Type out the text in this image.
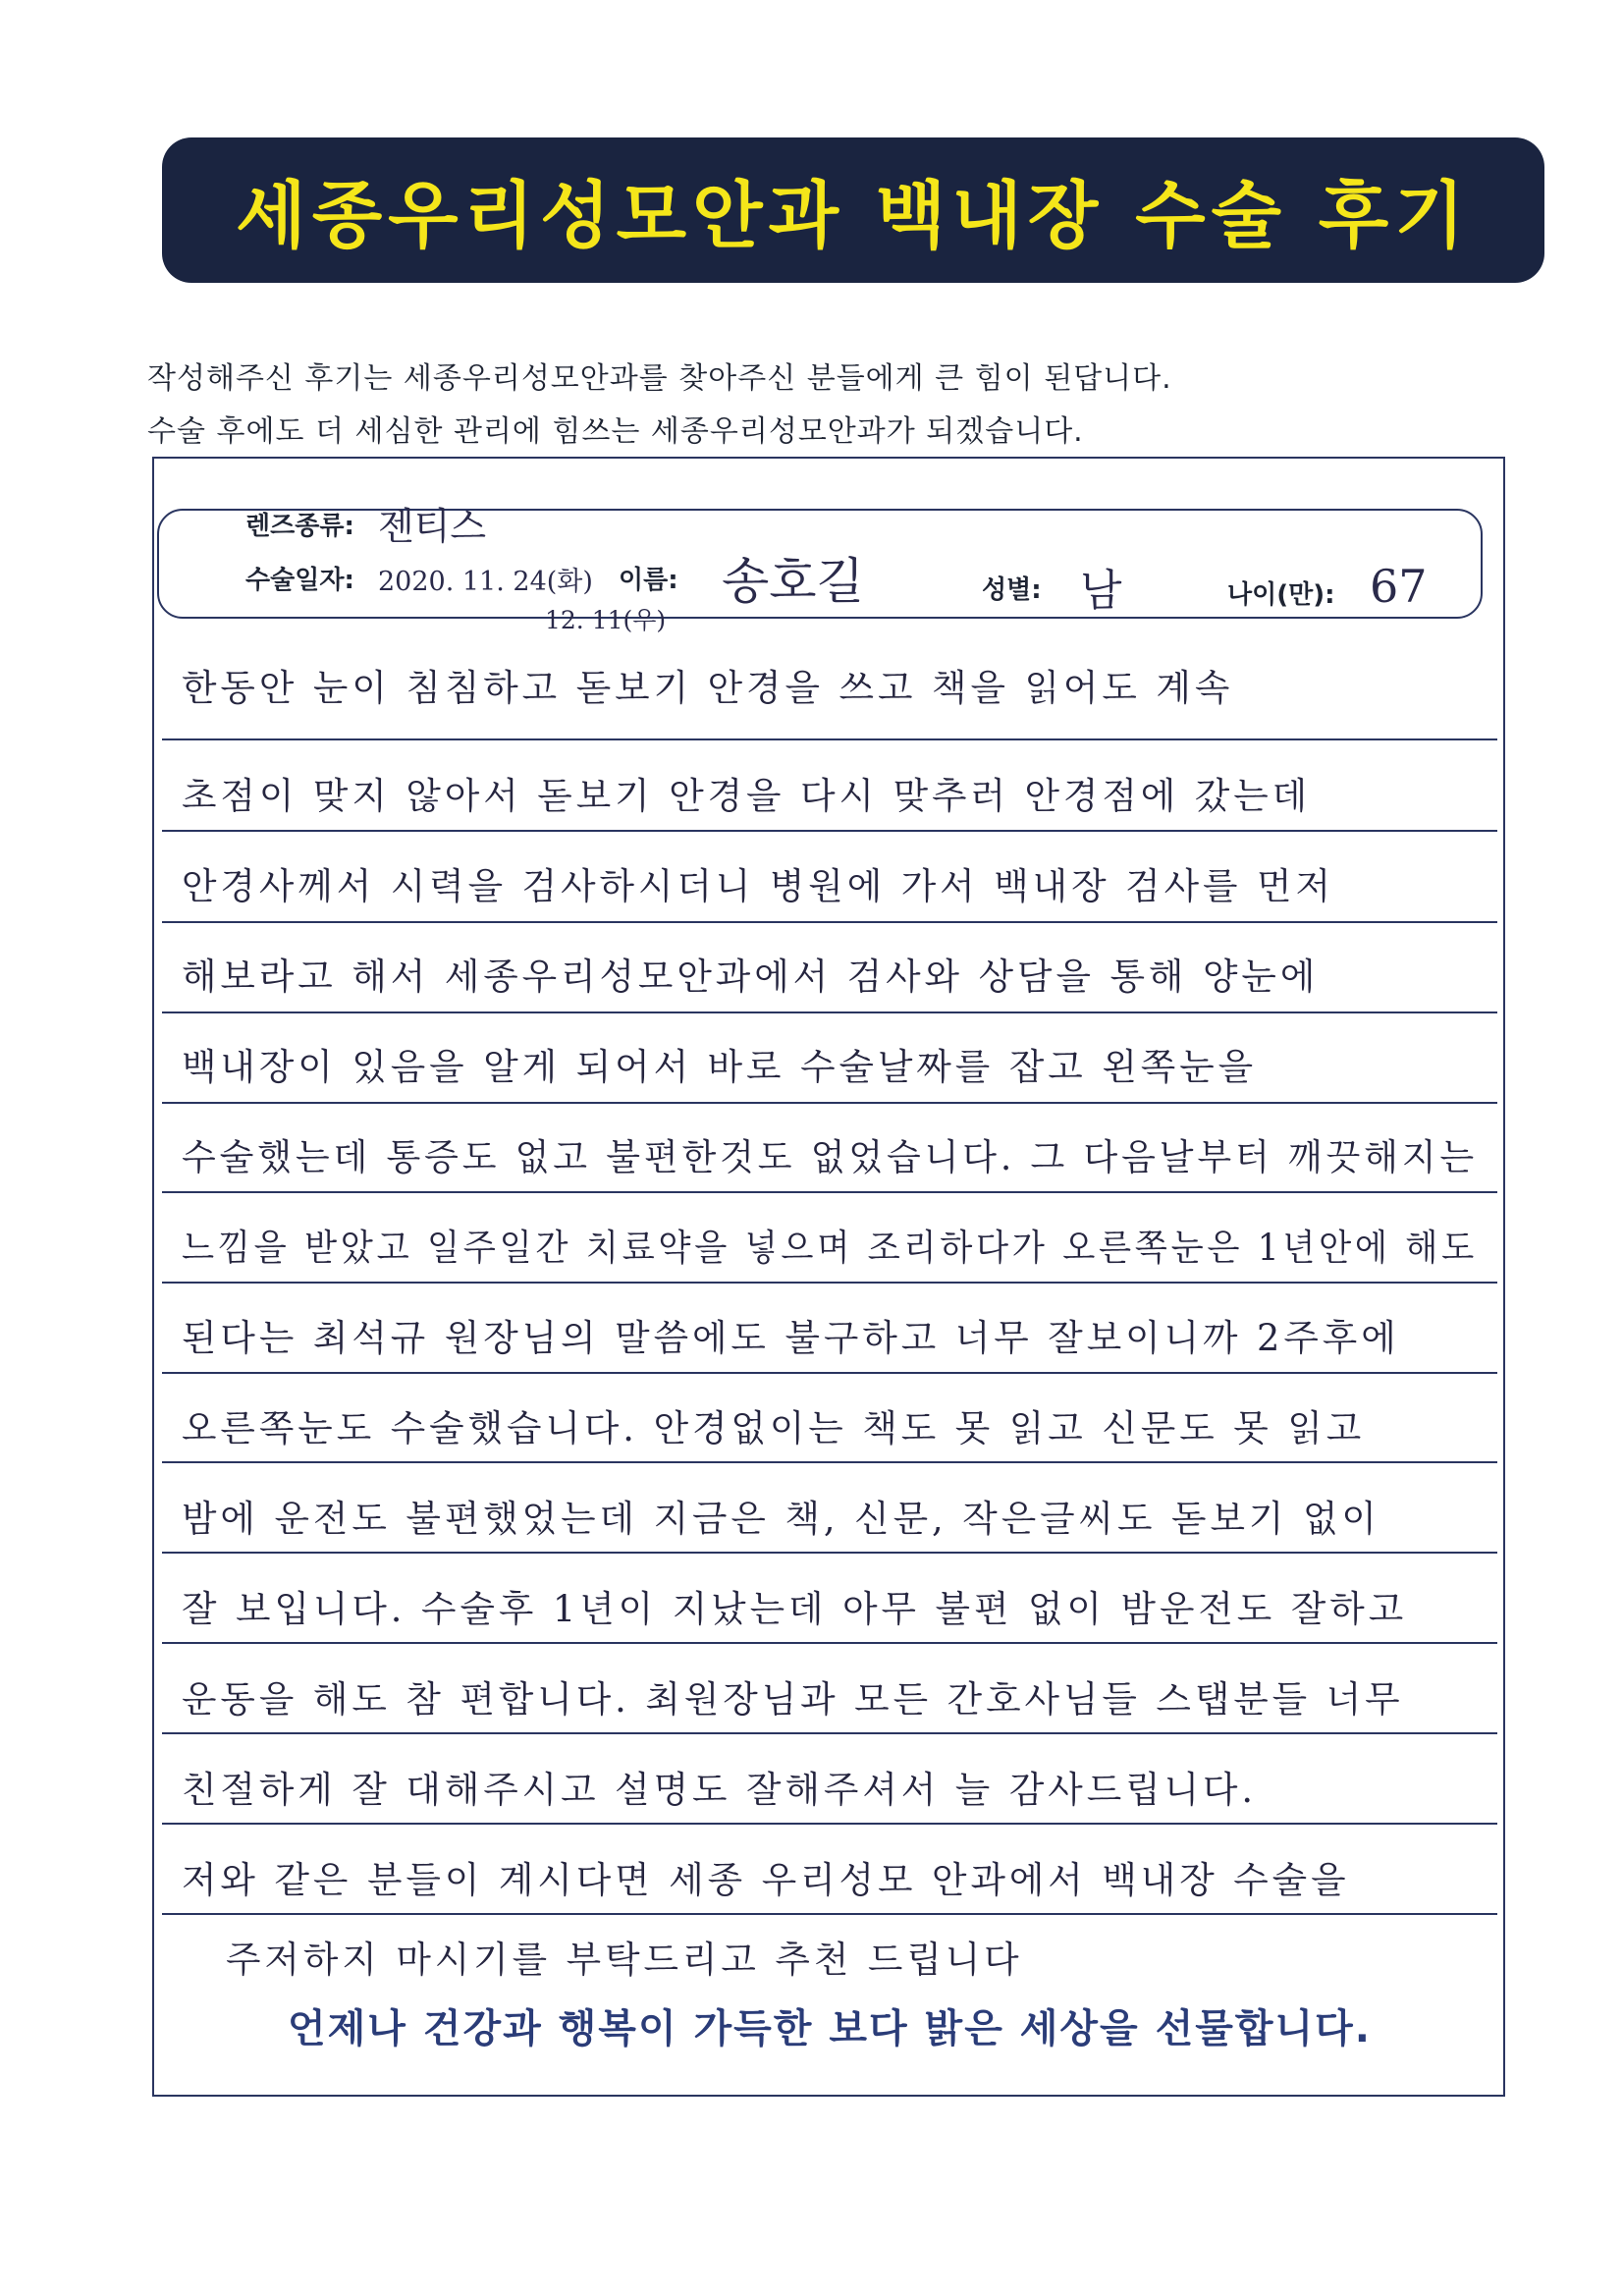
세종우리성모안과 백내장 수술 후기
작성해주신 후기는 세종우리성모안과를 찾아주신 분들에게 큰 힘이 된답니다.
수술 후에도 더 세심한 관리에 힘쓰는 세종우리성모안과가 되겠습니다.
렌즈종류: 젠티스
수술일자: 2020. 11. 24(화)
12. 11(우)
이름: 송호길	성별: 남	나이(만): 67
한동안 눈이 침침하고 돋보기 안경을 쓰고 책을 읽어도 계속
초점이 맞지 않아서 돋보기 안경을 다시 맞추러 안경점에 갔는데
안경사께서 시력을 검사하시더니 병원에 가서 백내장 검사를 먼저
해보라고 해서 세종우리성모안과에서 검사와 상담을 통해 양눈에
백내장이 있음을 알게 되어서 바로 수술날짜를 잡고 왼쪽눈을
수술했는데 통증도 없고 불편한것도 없었습니다. 그 다음날부터 깨끗해지는
느낌을 받았고 일주일간 치료약을 넣으며 조리하다가 오른쪽눈은 1년안에 해도
된다는 최석규 원장님의 말씀에도 불구하고 너무 잘보이니까 2주후에
오른쪽눈도 수술했습니다. 안경없이는 책도 못 읽고 신문도 못 읽고
밤에 운전도 불편했었는데 지금은 책, 신문, 작은글씨도 돋보기 없이
잘 보입니다. 수술후 1년이 지났는데 아무 불편 없이 밤운전도 잘하고
운동을 해도 참 편합니다. 최원장님과 모든 간호사님들 스탭분들 너무
친절하게 잘 대해주시고 설명도 잘해주셔서 늘 감사드립니다.
저와 같은 분들이 계시다면 세종 우리성모 안과에서 백내장 수술을
주저하지 마시기를 부탁드리고 추천 드립니다
언제나 건강과 행복이 가득한 보다 밝은 세상을 선물합니다.
